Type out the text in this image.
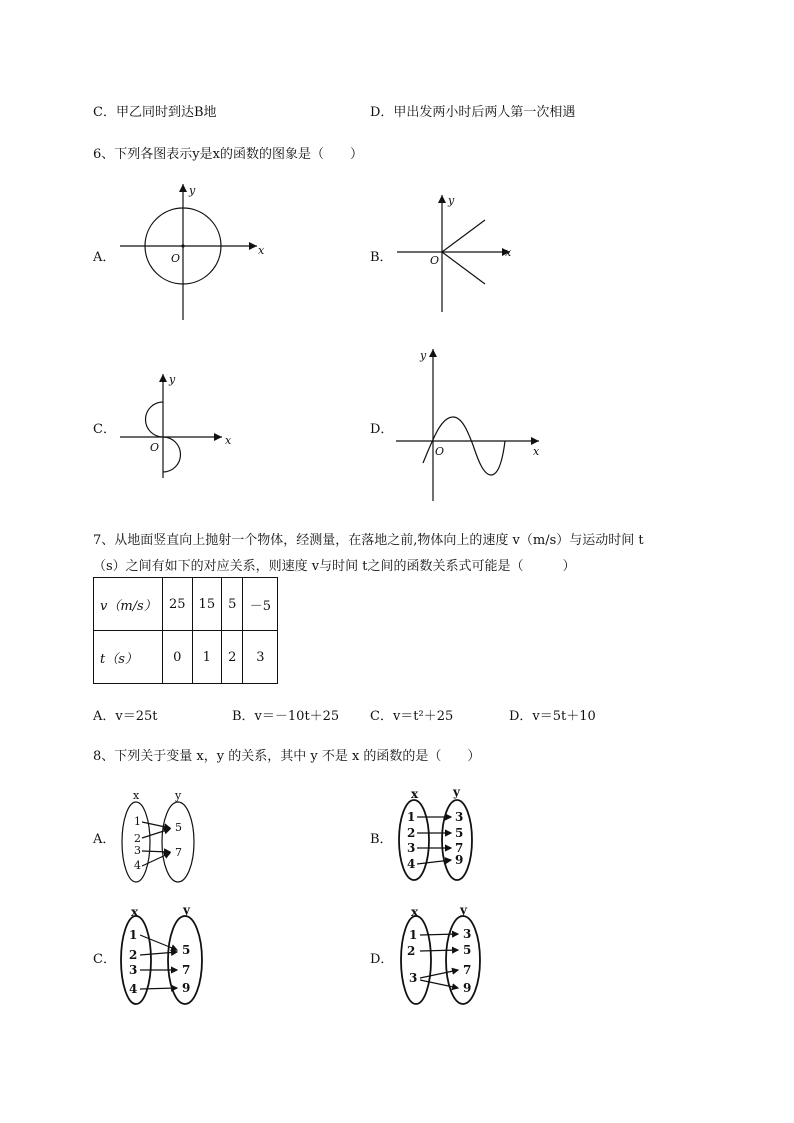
C．甲乙同时到达B地	D．甲出发两小时后两人第一次相遇
6、下列各图表示y是x的函数的图象是（　　）
A．
y
x
O	B．
y
x
O
C．
y
x
O
D．
y
x
O
7、从地面竖直向上抛射一个物体，经测量，在落地之前,物体向上的速度 v（m/s）与运动时间 t
（s）之间有如下的对应关系，则速度 v与时间 t之间的函数关系式可能是（　　　）
v（m/s）	25	15	5	－5
t（s）	0	1	2	3
A．v＝25t	B．v＝－10t＋25 C．v＝t²＋25	D．v＝5t＋10
8、下列关于变量 x，y 的关系，其中 y 不是 x 的函数的是（　　）
A．
x	y
1
2
3
4
5
7
B．
x	y
1
2
3
4
3
5
7
9
C．
x	y
1
2
3
4
5
7
9
D．
x	y
1
2
3
3
5
7
9
